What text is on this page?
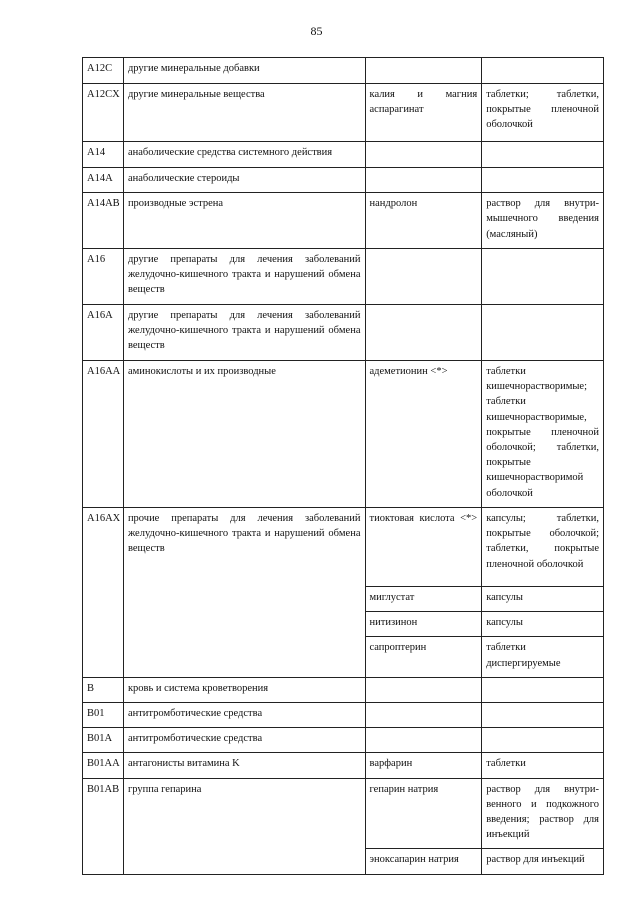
85
A12C	другие минеральные добавки		
A12CX	другие минеральные вещества	калия и магния аспарагинат	таблетки; таблетки, покрытые пленочной оболочкой
A14	анаболические средства системного действия		
A14A	анаболические стероиды		
A14AB	производные эстрена	нандролон	раствор для внутри-мышечного введения (масляный)
A16	другие препараты для лечения заболеваний желудочно-кишечного тракта и нарушений обмена веществ		
A16A	другие препараты для лечения заболеваний желудочно-кишечного тракта и нарушений обмена веществ		
A16AA	аминокислоты и их производные	адеметионин <*>	таблетки кишечнорастворимые; таблетки кишечнорастворимые, покрытые пленочной оболочкой; таблетки, покрытые кишечнорастворимой оболочкой
A16AX	прочие препараты для лечения заболеваний желудочно-кишечного тракта и нарушений обмена веществ	тиоктовая кислота <*>	капсулы; таблетки, покрытые оболочкой; таблетки, покрытые пленочной оболочкой
		миглустат	капсулы
		нитизинон	капсулы
		сапроптерин	таблетки диспергируемые
B	кровь и система кроветворения		
B01	антитромботические средства		
B01A	антитромботические средства		
B01AA	антагонисты витамина K	варфарин	таблетки
B01AB	группа гепарина	гепарин натрия	раствор для внутри-венного и подкожного введения; раствор для инъекций
		эноксапарин натрия	раствор для инъекций
